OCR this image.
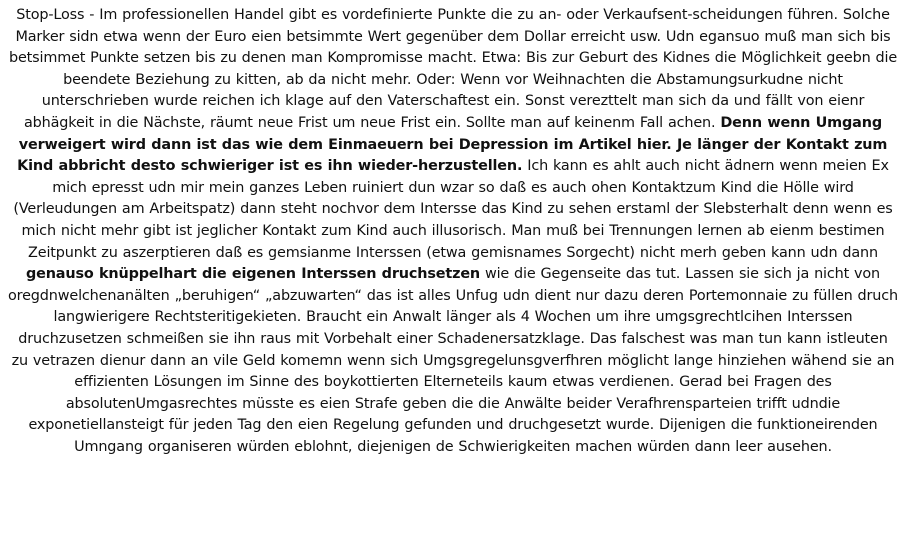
Stop-Loss - Im professionellen Handel gibt es vordefinierte Punkte die zu an- oder Verkaufsent-scheidungen führen. Solche Marker sidn etwa wenn der Euro eien betsimmte Wert gegenüber dem Dollar erreicht usw. Udn egansuo muß man sich bis betsimmet Punkte setzen bis zu denen man Kompromisse macht. Etwa: Bis zur Geburt des Kidnes die Möglichkeit geebn die beendete Beziehung zu kitten, ab da nicht mehr. Oder: Wenn vor Weihnachten die Abstamungsurkudne nicht unterschrieben wurde reichen ich klage auf den Vaterschaftest ein. Sonst verezttelt man sich da und fällt von eienr abhägkeit in die Nächste, räumt neue Frist um neue Frist ein. Sollte man auf keinenm Fall achen. Denn wenn Umgang verweigert wird dann ist das wie dem Einmaeuern bei Depression im Artikel hier. Je länger der Kontakt zum Kind abbricht desto schwieriger ist es ihn wieder-herzustellen. Ich kann es ahlt auch nicht ädnern wenn meien Ex mich epresst udn mir mein ganzes Leben ruiniert dun wzar so daß es auch ohen Kontaktzum Kind die Hölle wird (Verleudungen am Arbeitspatz) dann steht nochvor dem Intersse das Kind zu sehen erstaml der Slebsterhalt denn wenn es mich nicht mehr gibt ist jeglicher Kontakt zum Kind auch illusorisch. Man muß bei Trennungen lernen ab eienm bestimen Zeitpunkt zu aszerptieren daß es gemsianme Interssen (etwa gemisnames Sorgecht) nicht merh geben kann udn dann genauso knüppelhart die eigenen Interssen druchsetzen wie die Gegenseite das tut. Lassen sie sich ja nicht von oregdnwelchenanälten „beruhigen“ „abzuwarten“ das ist alles Unfug udn dient nur dazu deren Portemonnaie zu füllen druch langwierigere Rechtsteritigekieten. Braucht ein Anwalt länger als 4 Wochen um ihre umgsgrechtlcihen Interssen druchzusetzen schmeißen sie ihn raus mit Vorbehalt einer Schadenersatzklage. Das falschest was man tun kann istleuten zu vetrazen dienur dann an vile Geld komemn wenn sich Umgsgregelunsgverfhren möglicht lange hinziehen wähend sie an effizienten Lösungen im Sinne des boykottierten Elterneteils kaum etwas verdienen. Gerad bei Fragen des absolutenUmgasrechtes müsste es eien Strafe geben die die Anwälte beider Verafhrensparteien trifft udndie exponetiellansteigt für jeden Tag den eien Regelung gefunden und druchgesetzt wurde. Dijenigen die funktioneirenden Umngang organiseren würden eblohnt, diejenigen de Schwierigkeiten machen würden dann leer ausehen.
